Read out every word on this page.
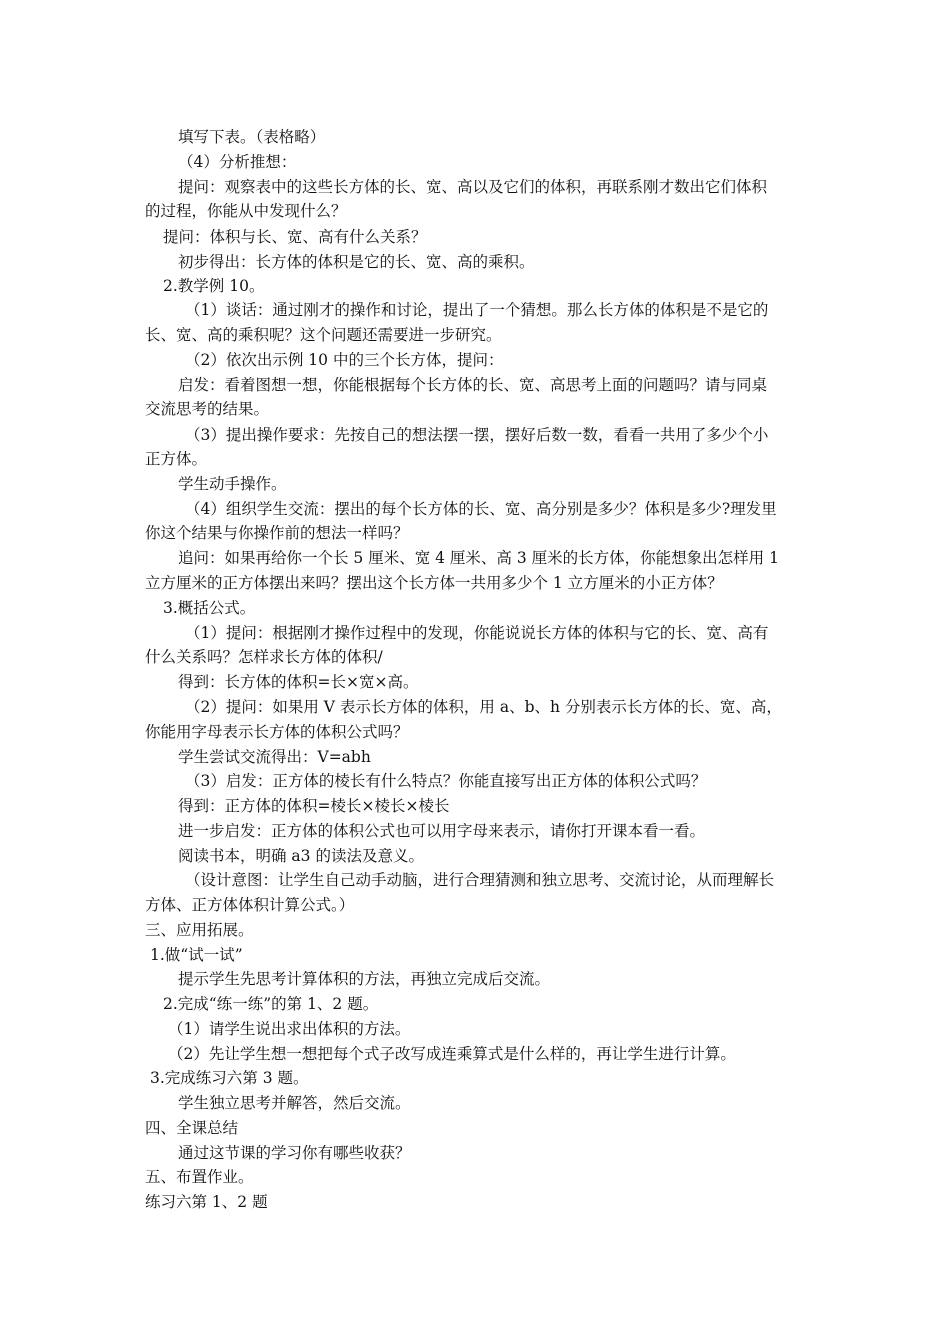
填写下表。（表格略）
（4）分析推想：
提问：观察表中的这些长方体的长、宽、高以及它们的体积，再联系刚才数出它们体积
的过程，你能从中发现什么？
提问：体积与长、宽、高有什么关系？
初步得出：长方体的体积是它的长、宽、高的乘积。
2.教学例 10。
（1）谈话：通过刚才的操作和讨论，提出了一个猜想。那么长方体的体积是不是它的
长、宽、高的乘积呢？这个问题还需要进一步研究。
（2）依次出示例 10 中的三个长方体，提问：
启发：看着图想一想，你能根据每个长方体的长、宽、高思考上面的问题吗？请与同桌
交流思考的结果。
（3）提出操作要求：先按自己的想法摆一摆，摆好后数一数，看看一共用了多少个小
正方体。
学生动手操作。
（4）组织学生交流：摆出的每个长方体的长、宽、高分别是多少？体积是多少?理发里
你这个结果与你操作前的想法一样吗？
追问：如果再给你一个长 5 厘米、宽 4 厘米、高 3 厘米的长方体，你能想象出怎样用 1
立方厘米的正方体摆出来吗？摆出这个长方体一共用多少个 1 立方厘米的小正方体？
3.概括公式。
（1）提问：根据刚才操作过程中的发现，你能说说长方体的体积与它的长、宽、高有
什么关系吗？怎样求长方体的体积/
得到：长方体的体积=长×宽×高。
（2）提问：如果用 V 表示长方体的体积，用 a、b、h 分别表示长方体的长、宽、高，
你能用字母表示长方体的体积公式吗？
学生尝试交流得出：V=abh
（3）启发：正方体的棱长有什么特点？你能直接写出正方体的体积公式吗？
得到：正方体的体积=棱长×棱长×棱长
进一步启发：正方体的体积公式也可以用字母来表示，请你打开课本看一看。
阅读书本，明确 a3 的读法及意义。
（设计意图：让学生自己动手动脑，进行合理猜测和独立思考、交流讨论，从而理解长
方体、正方体体积计算公式。）
三、应用拓展。
1.做“试一试”
提示学生先思考计算体积的方法，再独立完成后交流。
2.完成“练一练”的第 1、2 题。
（1）请学生说出求出体积的方法。
（2）先让学生想一想把每个式子改写成连乘算式是什么样的，再让学生进行计算。
3.完成练习六第 3 题。
学生独立思考并解答，然后交流。
四、全课总结
通过这节课的学习你有哪些收获？
五、布置作业。
练习六第 1、2 题
